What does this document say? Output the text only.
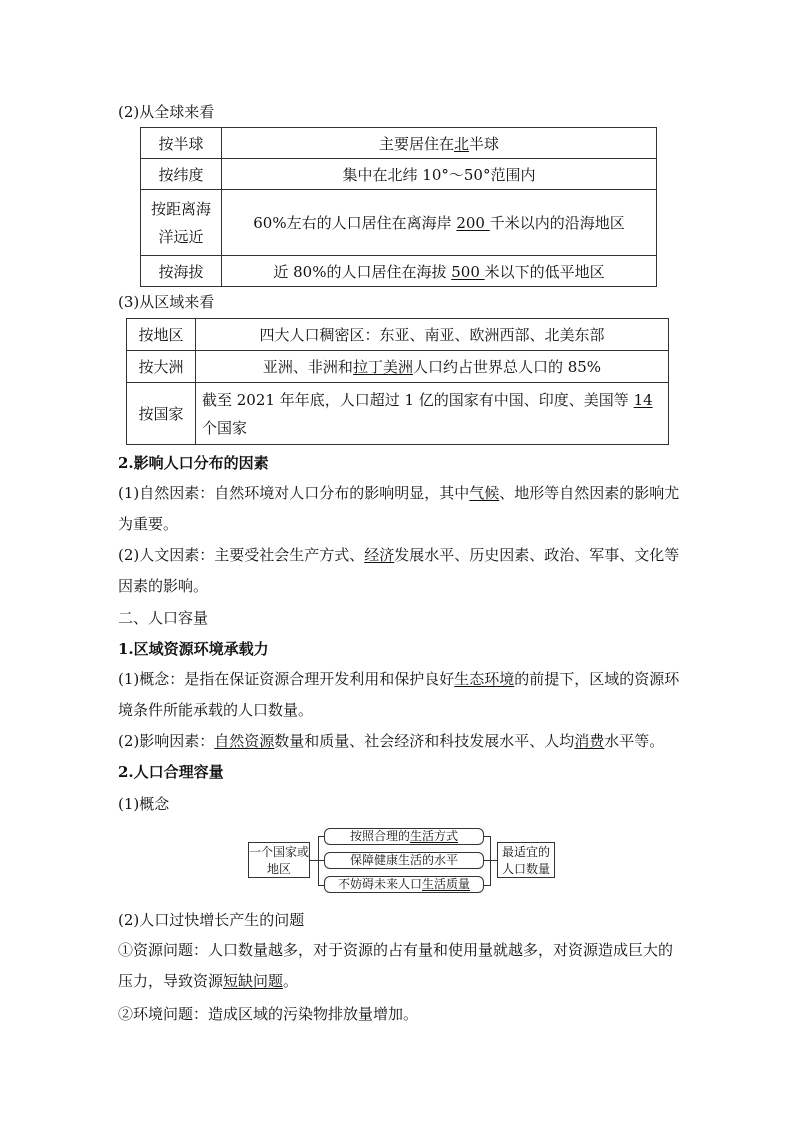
(2)从全球来看
按半球	主要居住在北半球
按纬度	集中在北纬 10°～50°范围内
按距离海洋远近	60%左右的人口居住在离海岸 200 千米以内的沿海地区
按海拔	近 80%的人口居住在海拔 500 米以下的低平地区
(3)从区域来看
按地区	四大人口稠密区：东亚、南亚、欧洲西部、北美东部
按大洲	亚洲、非洲和拉丁美洲人口约占世界总人口的 85%
按国家	截至 2021 年年底，人口超过 1 亿的国家有中国、印度、美国等 14个国家
2.影响人口分布的因素
(1)自然因素：自然环境对人口分布的影响明显，其中气候、地形等自然因素的影响尤为重要。
(2)人文因素：主要受社会生产方式、经济发展水平、历史因素、政治、军事、文化等因素的影响。
二、人口容量
1.区域资源环境承载力
(1)概念：是指在保证资源合理开发利用和保护良好生态环境的前提下，区域的资源环境条件所能承载的人口数量。
(2)影响因素：自然资源数量和质量、社会经济和科技发展水平、人均消费水平等。
2.人口合理容量
(1)概念
一个国家或地区
按照合理的生活方式
保障健康生活的水平
不妨碍未来人口生活质量
最适宜的人口数量
(2)人口过快增长产生的问题
①资源问题：人口数量越多，对于资源的占有量和使用量就越多，对资源造成巨大的压力，导致资源短缺问题。
②环境问题：造成区域的污染物排放量增加。
